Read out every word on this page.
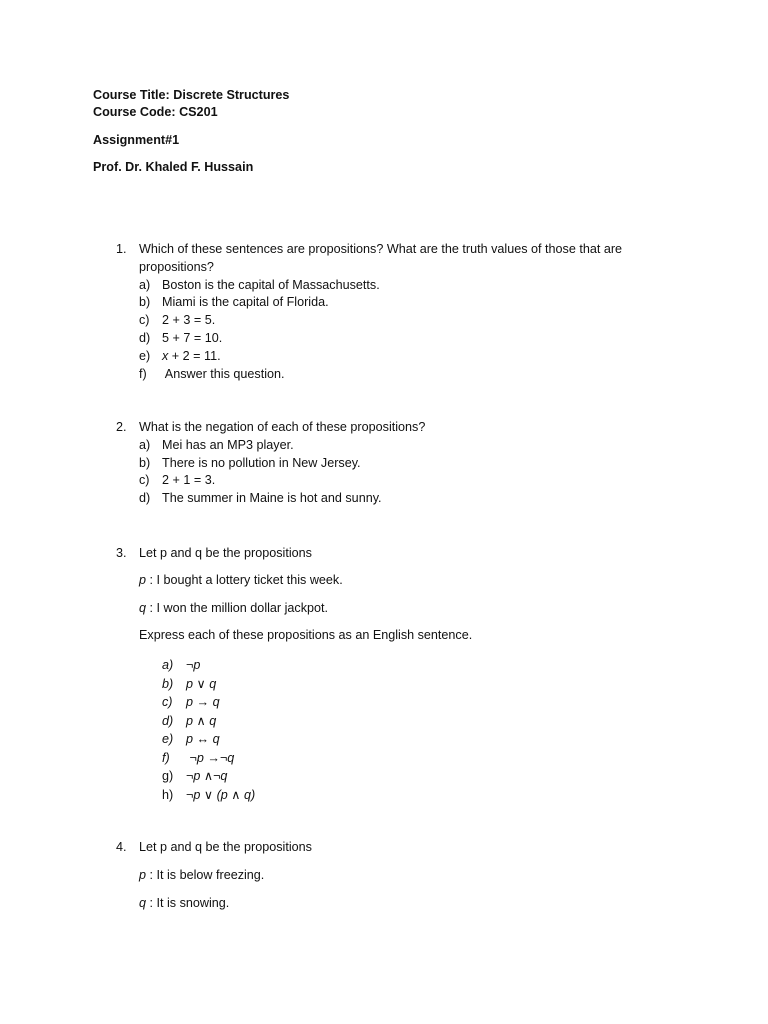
Course Title: Discrete Structures
Course Code: CS201
Assignment#1
Prof. Dr. Khaled F. Hussain
1. Which of these sentences are propositions? What are the truth values of those that are propositions?
a) Boston is the capital of Massachusetts.
b) Miami is the capital of Florida.
c) 2 + 3 = 5.
d) 5 + 7 = 10.
e) x + 2 = 11.
f) Answer this question.
2. What is the negation of each of these propositions?
a) Mei has an MP3 player.
b) There is no pollution in New Jersey.
c) 2 + 1 = 3.
d) The summer in Maine is hot and sunny.
3. Let p and q be the propositions
p : I bought a lottery ticket this week.
q : I won the million dollar jackpot.
Express each of these propositions as an English sentence.
a) ¬p
b) p ∨ q
c) p → q
d) p ∧ q
e) p ↔ q
f) ¬p →¬q
g) ¬p ∧¬q
h) ¬p ∨ (p ∧ q)
4. Let p and q be the propositions
p : It is below freezing.
q : It is snowing.
